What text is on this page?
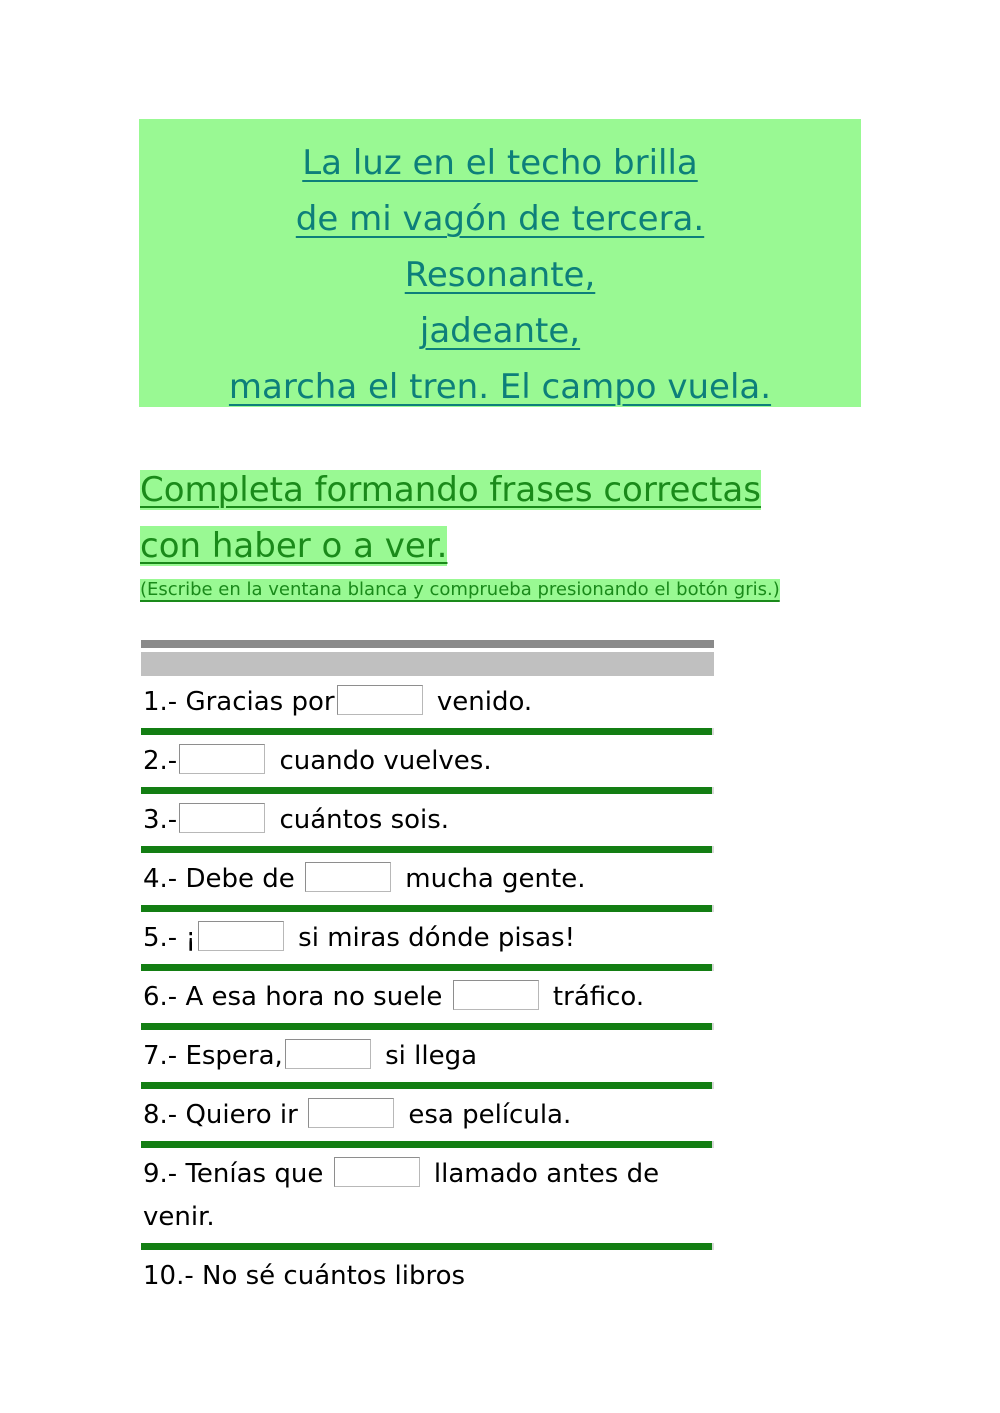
La luz en el techo brilla
de mi vagón de tercera.
Resonante,
jadeante,
marcha el tren. El campo vuela.
Completa formando frases correctas
con haber o a ver.
(Escribe en la ventana blanca y comprueba presionando el botón gris.)
1.- Gracias por	venido.
2.-	cuando vuelves.
3.-	cuántos sois.
4.- Debe de	mucha gente.
5.- ¡	si miras dónde pisas!
6.- A esa hora no suele	tráfico.
7.- Espera,	si llega
8.- Quiero ir	esa película.
9.- Tenías que	llamado antes de venir.
10.- No sé cuántos libros
